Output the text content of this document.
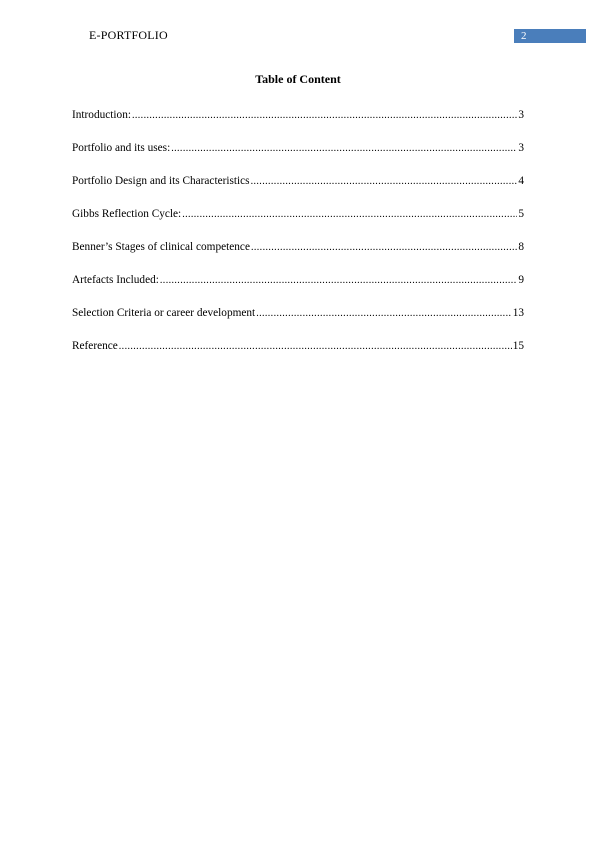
E-PORTFOLIO	2
Table of Content
Introduction: .....	3
Portfolio and its uses: .....	3
Portfolio Design and its Characteristics .....	4
Gibbs Reflection Cycle: .....	5
Benner’s Stages of clinical competence .....	8
Artefacts Included: .....	9
Selection Criteria or career development .....	13
Reference .....	15
